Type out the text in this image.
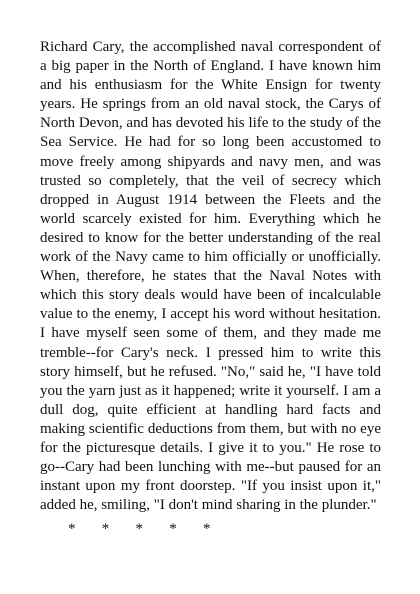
Richard Cary, the accomplished naval correspondent of a big paper in the North of England. I have known him and his enthusiasm for the White Ensign for twenty years. He springs from an old naval stock, the Carys of North Devon, and has devoted his life to the study of the Sea Service. He had for so long been accustomed to move freely among shipyards and navy men, and was trusted so completely, that the veil of secrecy which dropped in August 1914 between the Fleets and the world scarcely existed for him. Everything which he desired to know for the better understanding of the real work of the Navy came to him officially or unofficially. When, therefore, he states that the Naval Notes with which this story deals would have been of incalculable value to the enemy, I accept his word without hesitation. I have myself seen some of them, and they made me tremble--for Cary's neck. I pressed him to write this story himself, but he refused. "No," said he, "I have told you the yarn just as it happened; write it yourself. I am a dull dog, quite efficient at handling hard facts and making scientific deductions from them, but with no eye for the picturesque details. I give it to you." He rose to go--Cary had been lunching with me--but paused for an instant upon my front doorstep. "If you insist upon it," added he, smiling, "I don't mind sharing in the plunder."

*       *       *       *       *
